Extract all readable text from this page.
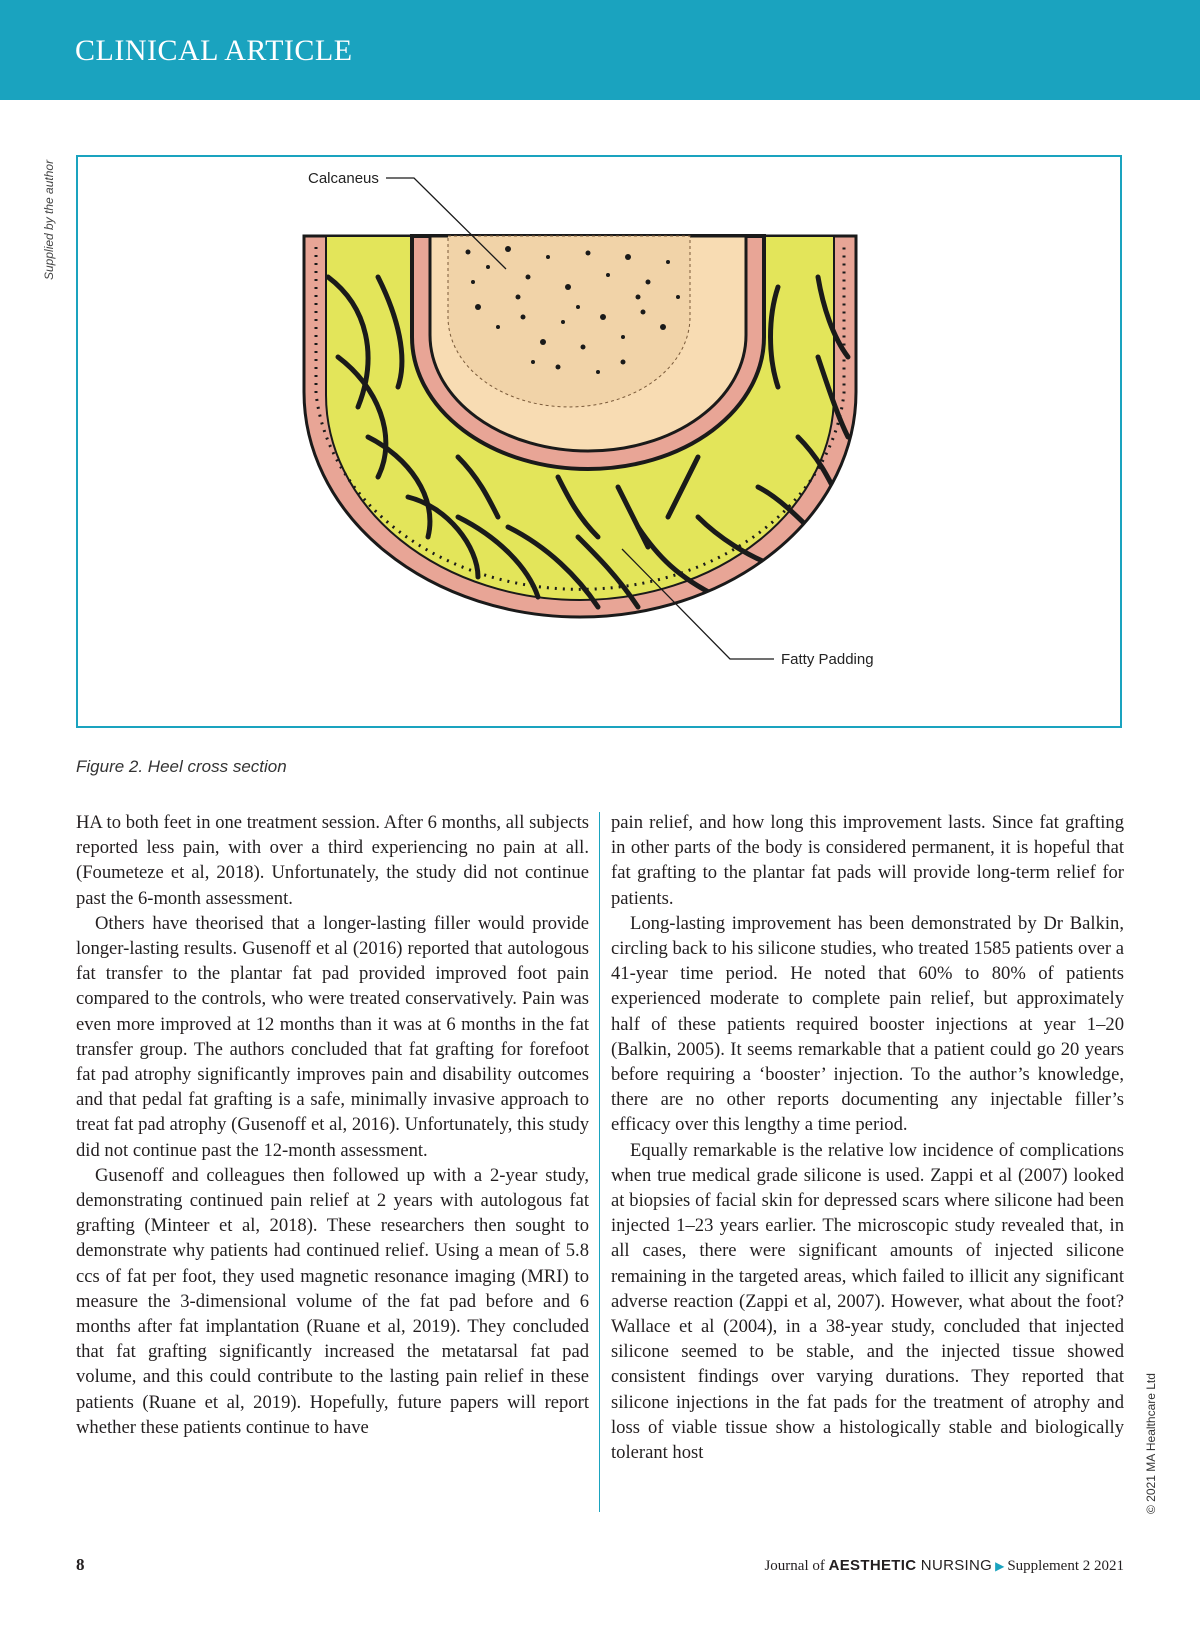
CLINICAL ARTICLE
Supplied by the author	Calcaneus
Fatty Padding
Figure 2. Heel cross section

HA to both feet in one treatment session. After 6 months, all subjects reported less pain, with over a third experiencing no pain at all. (Foumeteze et al, 2018). Unfortunately, the study did not continue past the 6-month assessment.

Others have theorised that a longer-lasting filler would provide longer-lasting results. Gusenoff et al (2016) reported that autologous fat transfer to the plantar fat pad provided improved foot pain compared to the controls, who were treated conservatively. Pain was even more improved at 12 months than it was at 6 months in the fat transfer group. The authors concluded that fat grafting for forefoot fat pad atrophy significantly improves pain and disability outcomes and that pedal fat grafting is a safe, minimally invasive approach to treat fat pad atrophy (Gusenoff et al, 2016). Unfortunately, this study did not continue past the 12-month assessment.

Gusenoff and colleagues then followed up with a 2-year study, demonstrating continued pain relief at 2 years with autologous fat grafting (Minteer et al, 2018). These researchers then sought to demonstrate why patients had continued relief. Using a mean of 5.8 ccs of fat per foot, they used magnetic resonance imaging (MRI) to measure the 3-dimensional volume of the fat pad before and 6 months after fat implantation (Ruane et al, 2019). They concluded that fat grafting significantly increased the metatarsal fat pad volume, and this could contribute to the lasting pain relief in these patients (Ruane et al, 2019). Hopefully, future papers will report whether these patients continue to have

pain relief, and how long this improvement lasts. Since fat grafting in other parts of the body is considered permanent, it is hopeful that fat grafting to the plantar fat pads will provide long-term relief for patients.

Long-lasting improvement has been demonstrated by Dr Balkin, circling back to his silicone studies, who treated 1585 patients over a 41-year time period. He noted that 60% to 80% of patients experienced moderate to complete pain relief, but approximately half of these patients required booster injections at year 1–20 (Balkin, 2005). It seems remarkable that a patient could go 20 years before requiring a ‘booster’ injection. To the author’s knowledge, there are no other reports documenting any injectable filler’s efficacy over this lengthy a time period.

Equally remarkable is the relative low incidence of complications when true medical grade silicone is used. Zappi et al (2007) looked at biopsies of facial skin for depressed scars where silicone had been injected 1–23 years earlier. The microscopic study revealed that, in all cases, there were significant amounts of injected silicone remaining in the targeted areas, which failed to illicit any significant adverse reaction (Zappi et al, 2007). However, what about the foot? Wallace et al (2004), in a 38-year study, concluded that injected silicone seemed to be stable, and the injected tissue showed consistent findings over varying durations. They reported that silicone injections in the fat pads for the treatment of atrophy and loss of viable tissue show a histologically stable and biologically tolerant host	© 2021 MA Healthcare Ltd
8	Journal of AESTHETIC NURSING ▶ Supplement 2 2021
